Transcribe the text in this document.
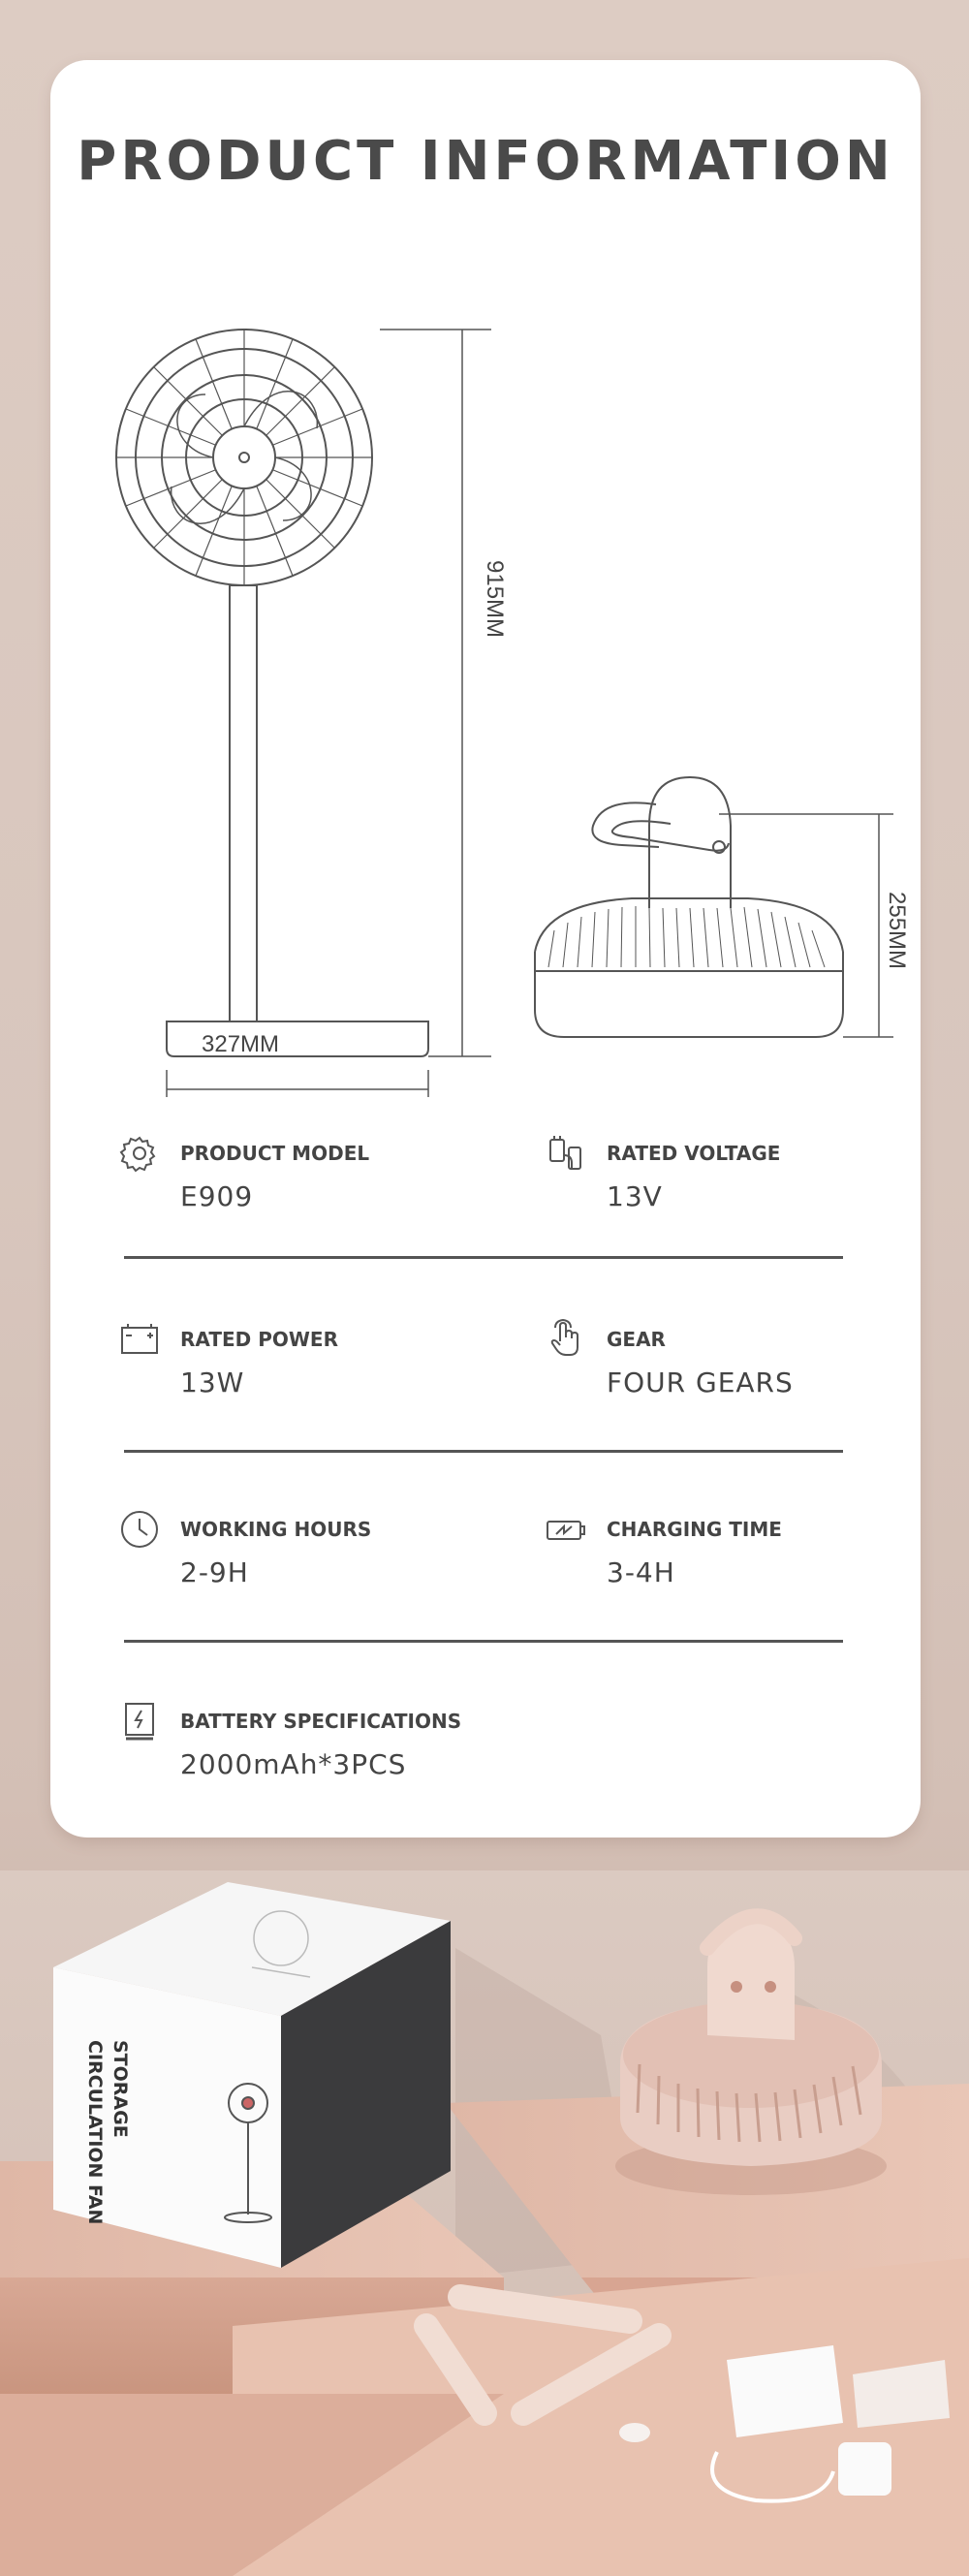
PRODUCT INFORMATION
915MM
327MM
255MM
PRODUCT MODEL
E909
RATED VOLTAGE
13V
RATED POWER
13W
GEAR
FOUR GEARS
WORKING HOURS
2-9H
CHARGING TIME
3-4H
BATTERY SPECIFICATIONS
2000mAh*3PCS
STORAGE
CIRCULATION FAN
